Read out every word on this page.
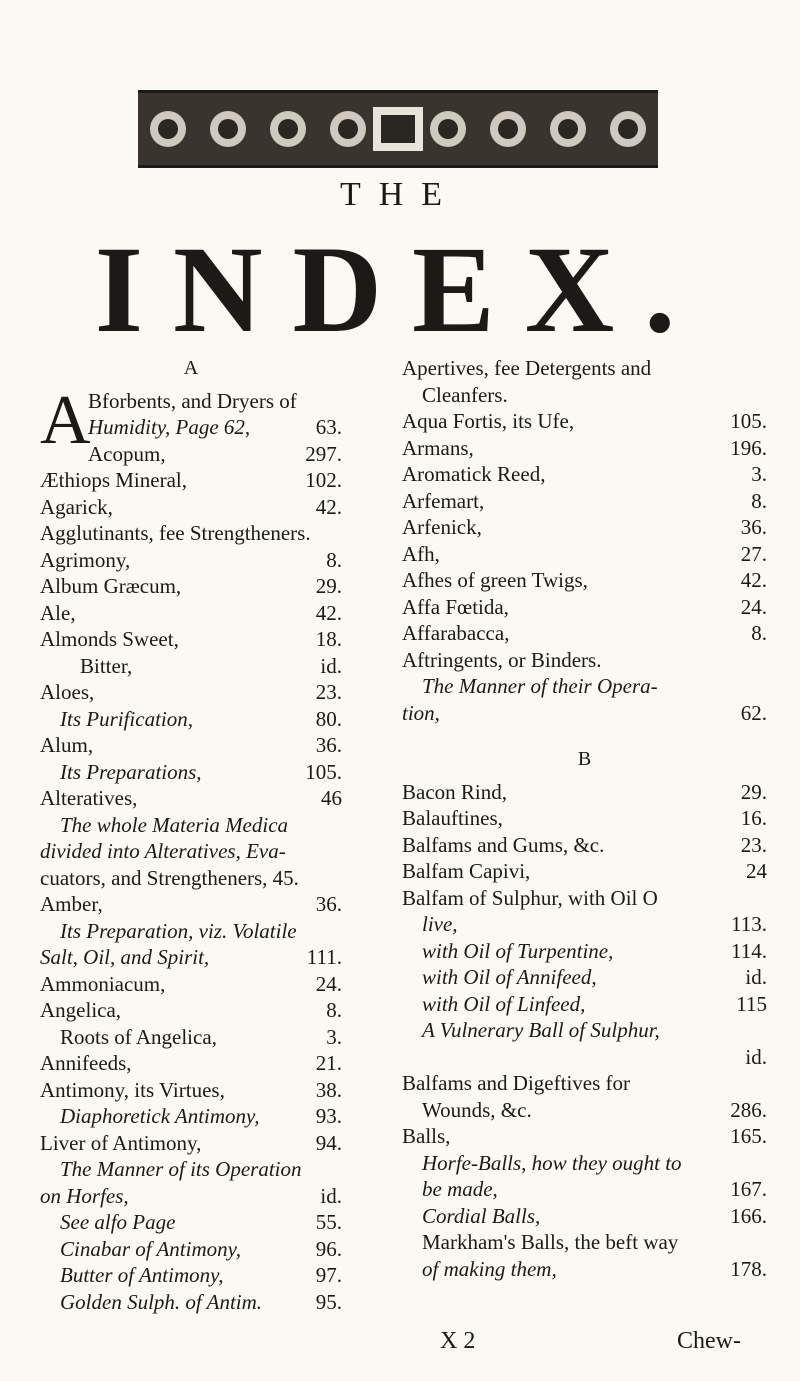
THE
INDEX.
A
Bforbents, and Dryers of
Humidity, Page 62,	63.
Acopum,	297.
Æthiops Mineral,	102.
Agarick,	42.
Agglutinants, fee Strengtheners.
Agrimony,	8.
Album Græcum,	29.
Ale,	42.
Almonds Sweet,	18.
Bitter,	id.
Aloes,	23.
Its Purification,	80.
Alum,	36.
Its Preparations,	105.
Alteratives,	46
The whole Materia Medica
divided into Alteratives, Eva-
cuators, and Strengtheners, 45.
Amber,	36.
Its Preparation, viz. Volatile
Salt, Oil, and Spirit,	111.
Ammoniacum,	24.
Angelica,	8.
Roots of Angelica,	3.
Annifeeds,	21.
Antimony, its Virtues,	38.
Diaphoretick Antimony,	93.
Liver of Antimony,	94.
The Manner of its Operation
on Horfes,	id.
See alfo Page	55.
Cinabar of Antimony,	96.
Butter of Antimony,	97.
Golden Sulph. of Antim.	95.
A
Apertives, fee Detergents and
Cleanfers.
Aqua Fortis, its Ufe,	105.
Armans,	196.
Aromatick Reed,	3.
Arfemart,	8.
Arfenick,	36.
Afh,	27.
Afhes of green Twigs,	42.
Affa Fœtida,	24.
Affarabacca,	8.
Aftringents, or Binders.
The Manner of their Opera-
tion,	62.
B
Bacon Rind,	29.
Balauftines,	16.
Balfams and Gums, &c.	23.
Balfam Capivi,	24
Balfam of Sulphur, with Oil O
live,	113.
with Oil of Turpentine,	114.
with Oil of Annifeed,	id.
with Oil of Linfeed,	115
A Vulnerary Ball of Sulphur,
id.
Balfams and Digeftives for
Wounds, &c.	286.
Balls,	165.
Horfe-Balls, how they ought to
be made,	167.
Cordial Balls,	166.
Markham's Balls, the beft way
of making them,	178.
X 2	Chew-
